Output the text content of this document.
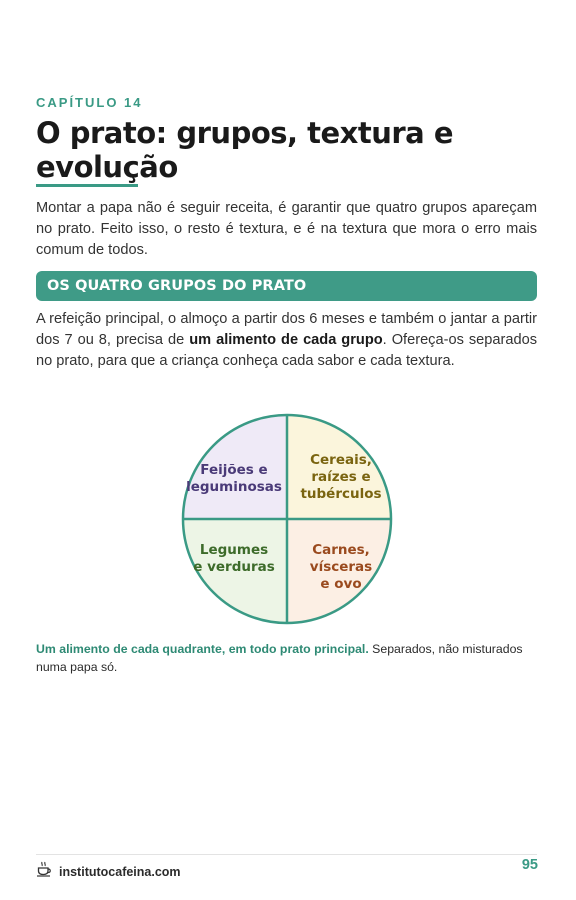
CAPÍTULO 14
O prato: grupos, textura e evolução
Montar a papa não é seguir receita, é garantir que quatro grupos apareçam no prato. Feito isso, o resto é textura, e é na textura que mora o erro mais comum de todos.
OS QUATRO GRUPOS DO PRATO
A refeição principal, o almoço a partir dos 6 meses e também o jantar a partir dos 7 ou 8, precisa de um alimento de cada grupo. Ofereça-os separados no prato, para que a criança conheça cada sabor e cada textura.
Feijões e
leguminosas
Cereais,
raízes e
tubérculos
Legumes
e verduras
Carnes,
vísceras
e ovo
Um alimento de cada quadrante, em todo prato principal. Separados, não misturados numa papa só.
institutocafeina.com	95
